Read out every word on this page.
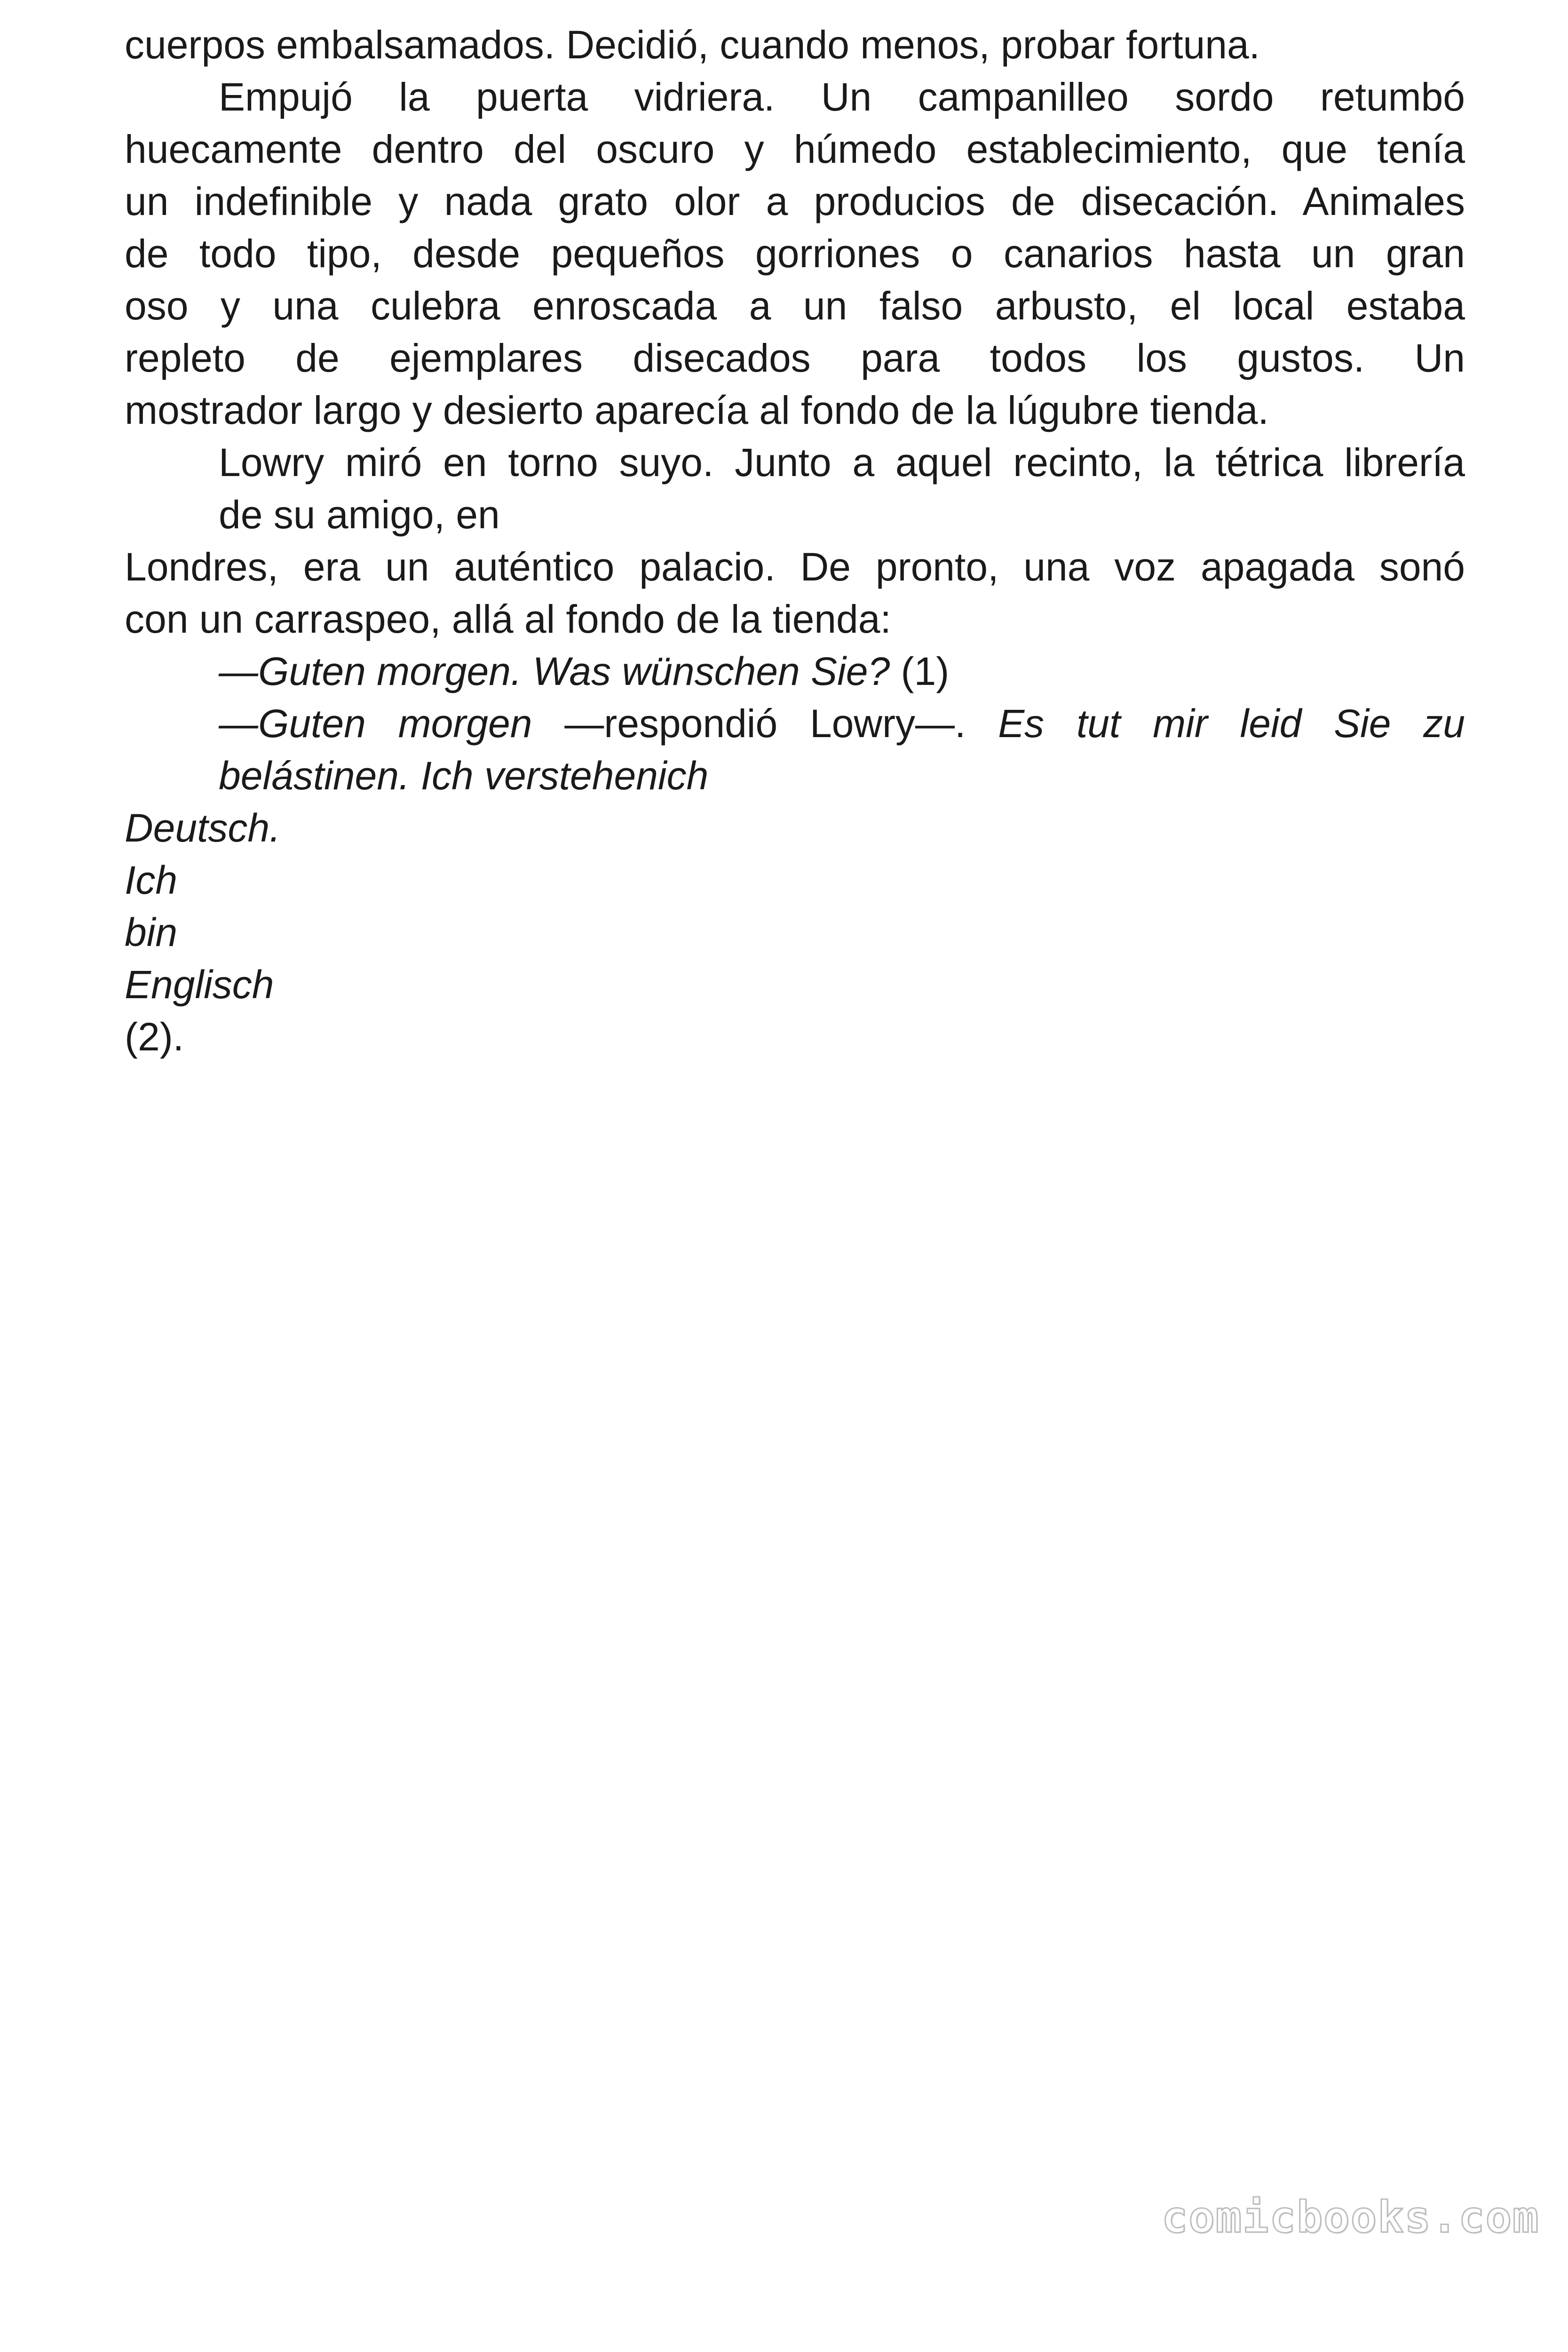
cuerpos embalsamados. Decidió, cuando menos, probar fortuna.
Empujó la puerta vidriera. Un campanilleo sordo retumbó
huecamente dentro del oscuro y húmedo establecimiento, que tenía
un indefinible y nada grato olor a producios de disecación. Animales
de todo tipo, desde pequeños gorriones o canarios hasta un gran
oso y una culebra enroscada a un falso arbusto, el local estaba
repleto de ejemplares disecados para todos los gustos. Un
mostrador largo y desierto aparecía al fondo de la lúgubre tienda.
Lowry miró en torno suyo. Junto a aquel recinto, la tétrica librería
de su amigo, en
Londres, era un auténtico palacio. De pronto, una voz apagada sonó
con un carraspeo, allá al fondo de la tienda:
—Guten morgen. Was wünschen Sie? (1)
—Guten morgen —respondió Lowry—. Es tut mir leid Sie zu
belástinen. Ich verstehenich
Deutsch.
Ich
bin
Englisch
(2).
comicbooks.com
